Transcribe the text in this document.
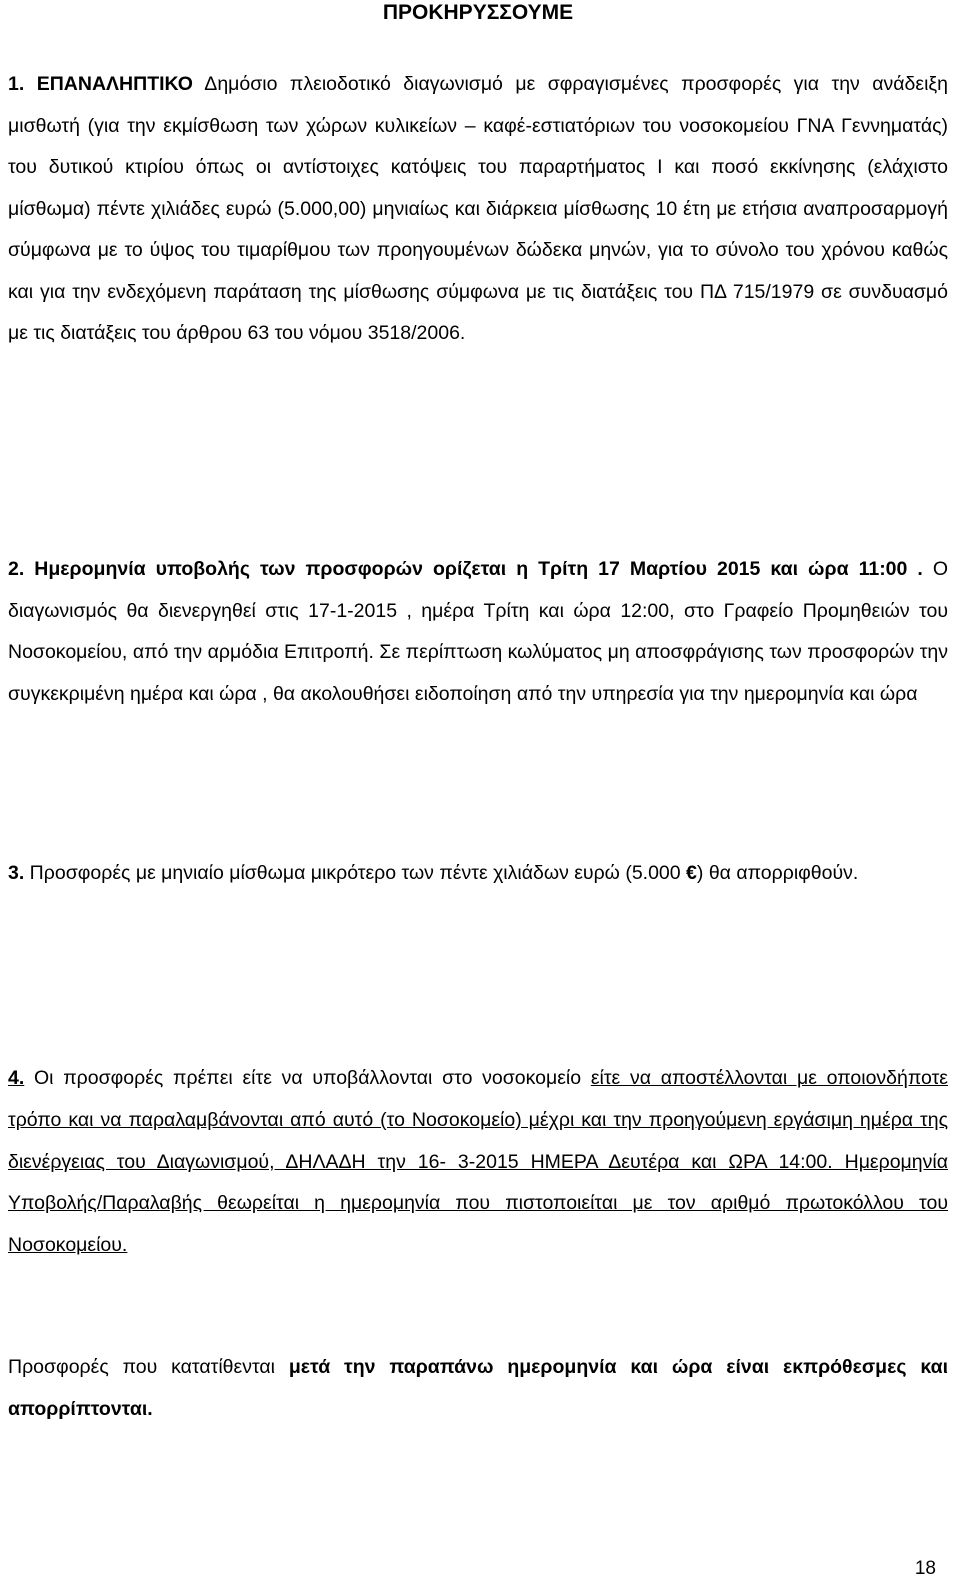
ΠΡΟΚΗΡΥΣΣΟΥΜΕ
1. ΕΠΑΝΑΛΗΠΤΙΚΟ Δημόσιο πλειοδοτικό διαγωνισμό με σφραγισμένες προσφορές για την ανάδειξη μισθωτή (για την εκμίσθωση των χώρων κυλικείων – καφέ-εστιατόριων του νοσοκομείου ΓΝΑ Γεννηματάς) του δυτικού κτιρίου όπως οι αντίστοιχες κατόψεις του παραρτήματος Ι και ποσό εκκίνησης (ελάχιστο μίσθωμα) πέντε χιλιάδες ευρώ (5.000,00) μηνιαίως και διάρκεια μίσθωσης 10 έτη με ετήσια αναπροσαρμογή σύμφωνα με το ύψος του τιμαρίθμου των προηγουμένων δώδεκα μηνών, για το σύνολο του χρόνου καθώς και για την ενδεχόμενη παράταση της μίσθωσης σύμφωνα με τις διατάξεις του ΠΔ 715/1979 σε συνδυασμό με τις διατάξεις του άρθρου 63 του νόμου 3518/2006.
2. Ημερομηνία υποβολής των προσφορών ορίζεται η Τρίτη 17 Μαρτίου 2015 και ώρα 11:00 . Ο διαγωνισμός θα διενεργηθεί στις 17-1-2015 , ημέρα Τρίτη και ώρα 12:00, στο Γραφείο Προμηθειών του Νοσοκομείου, από την αρμόδια Επιτροπή. Σε περίπτωση κωλύματος μη αποσφράγισης των προσφορών την συγκεκριμένη ημέρα και ώρα , θα ακολουθήσει ειδοποίηση από την υπηρεσία για την ημερομηνία και ώρα
3. Προσφορές με μηνιαίο μίσθωμα μικρότερο των πέντε χιλιάδων ευρώ (5.000 €) θα απορριφθούν.
4. Οι προσφορές πρέπει είτε να υποβάλλονται στο νοσοκομείο είτε να αποστέλλονται με οποιονδήποτε τρόπο και να παραλαμβάνονται από αυτό (το Νοσοκομείο) μέχρι και την προηγούμενη εργάσιμη ημέρα της διενέργειας του Διαγωνισμού, ΔΗΛΑΔΗ την 16- 3-2015 ΗΜΕΡΑ Δευτέρα και ΩΡΑ 14:00. Ημερομηνία Υποβολής/Παραλαβής θεωρείται η ημερομηνία που πιστοποιείται με τον αριθμό πρωτοκόλλου του Νοσοκομείου.
Προσφορές που κατατίθενται μετά την παραπάνω ημερομηνία και ώρα είναι εκπρόθεσμες και απορρίπτονται.
18
